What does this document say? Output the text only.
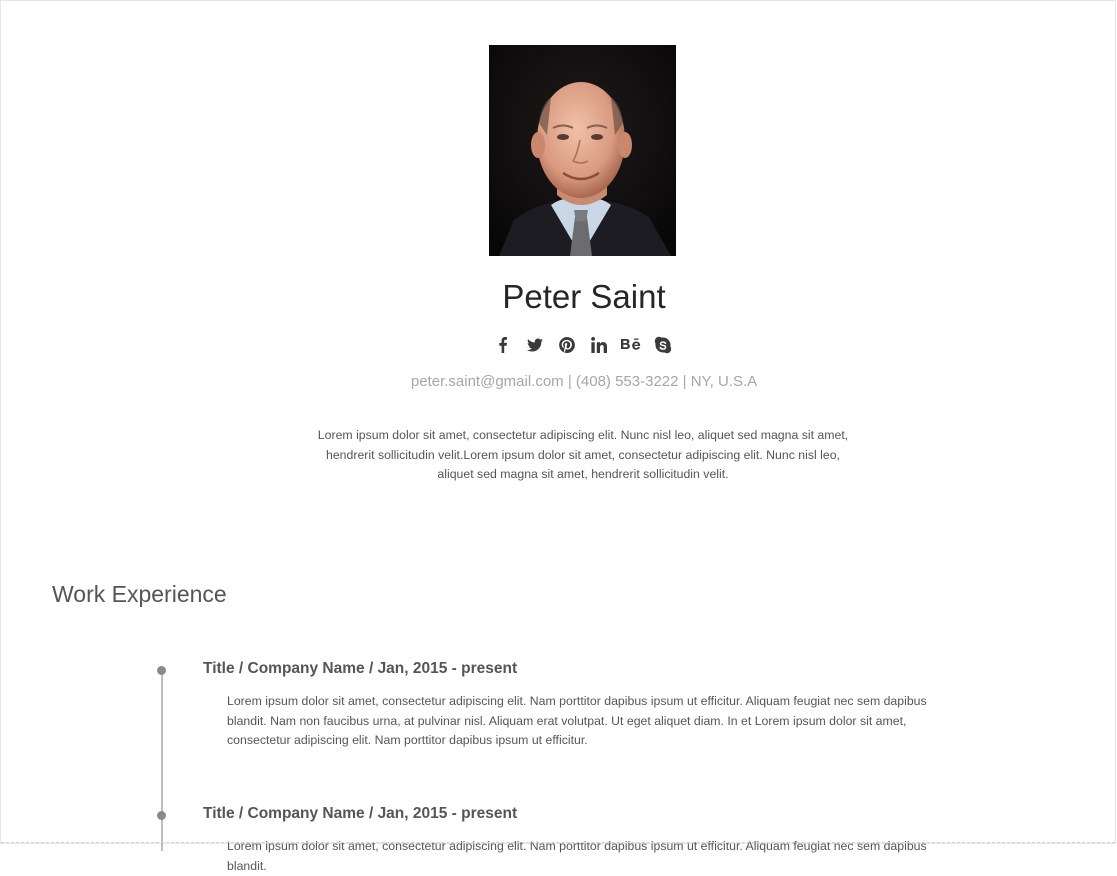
Peter Saint
peter.saint@gmail.com | (408) 553-3222 | NY, U.S.A

Lorem ipsum dolor sit amet, consectetur adipiscing elit. Nunc nisl leo, aliquet sed magna sit amet, hendrerit sollicitudin velit.Lorem ipsum dolor sit amet, consectetur adipiscing elit. Nunc nisl leo, aliquet sed magna sit amet, hendrerit sollicitudin velit.

Work Experience
Title / Company Name / Jan, 2015 - present

Lorem ipsum dolor sit amet, consectetur adipiscing elit. Nam porttitor dapibus ipsum ut efficitur. Aliquam feugiat nec sem dapibus blandit. Nam non faucibus urna, at pulvinar nisl. Aliquam erat volutpat. Ut eget aliquet diam. In et Lorem ipsum dolor sit amet, consectetur adipiscing elit. Nam porttitor dapibus ipsum ut efficitur.

Title / Company Name / Jan, 2015 - present

Lorem ipsum dolor sit amet, consectetur adipiscing elit. Nam porttitor dapibus ipsum ut efficitur. Aliquam feugiat nec sem dapibus blandit.
